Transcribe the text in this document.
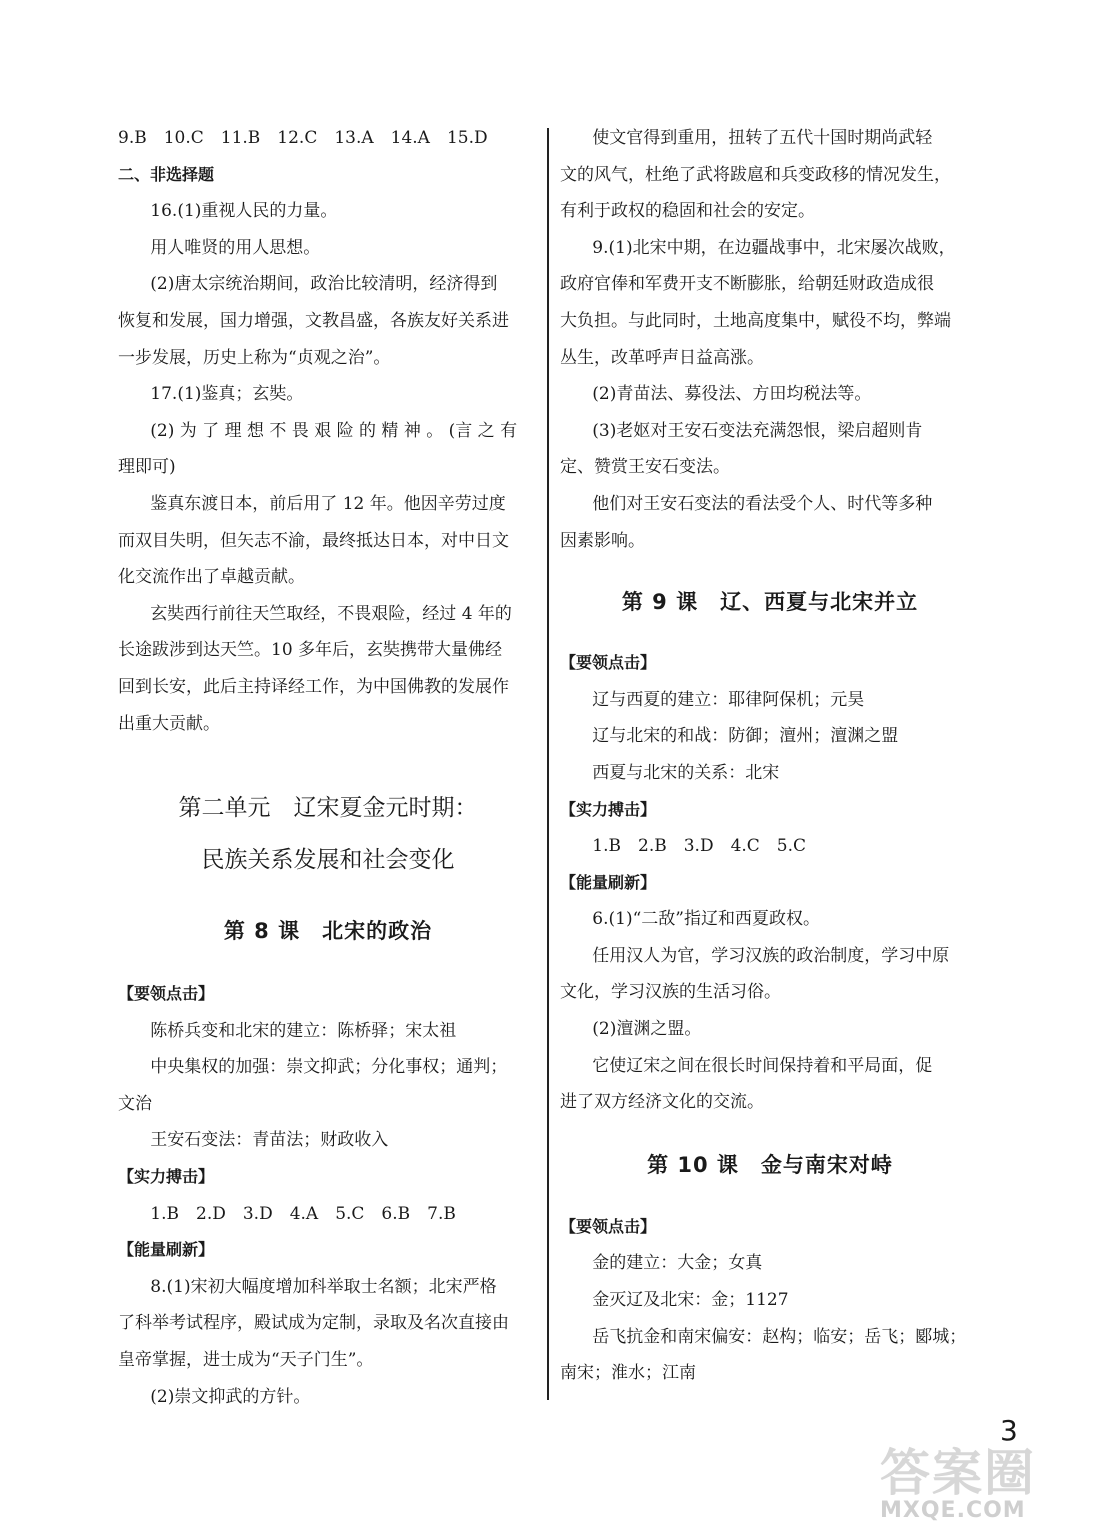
9.B　10.C　11.B　12.C　13.A　14.A　15.D
二、非选择题
16.(1)重视人民的力量。
用人唯贤的用人思想。
(2)唐太宗统治期间，政治比较清明，经济得到
恢复和发展，国力增强，文教昌盛，各族友好关系进
一步发展，历史上称为“贞观之治”。
17.(1)鉴真；玄奘。
(2) 为 了 理 想 不 畏 艰 险 的 精 神 。 (言 之 有
理即可)
鉴真东渡日本，前后用了 12 年。他因辛劳过度
而双目失明，但矢志不渝，最终抵达日本，对中日文
化交流作出了卓越贡献。
玄奘西行前往天竺取经，不畏艰险，经过 4 年的
长途跋涉到达天竺。10 多年后，玄奘携带大量佛经
回到长安，此后主持译经工作，为中国佛教的发展作
出重大贡献。
第二单元　辽宋夏金元时期：
民族关系发展和社会变化
第 8 课　北宋的政治
【要领点击】
陈桥兵变和北宋的建立：陈桥驿；宋太祖
中央集权的加强：崇文抑武；分化事权；通判；
文治
王安石变法：青苗法；财政收入
【实力搏击】
1.B　2.D　3.D　4.A　5.C　6.B　7.B
【能量刷新】
8.(1)宋初大幅度增加科举取士名额；北宋严格
了科举考试程序，殿试成为定制，录取及名次直接由
皇帝掌握，进士成为“天子门生”。
(2)崇文抑武的方针。
使文官得到重用，扭转了五代十国时期尚武轻
文的风气，杜绝了武将跋扈和兵变政移的情况发生，
有利于政权的稳固和社会的安定。
9.(1)北宋中期，在边疆战事中，北宋屡次战败，
政府官俸和军费开支不断膨胀，给朝廷财政造成很
大负担。与此同时，土地高度集中，赋役不均，弊端
丛生，改革呼声日益高涨。
(2)青苗法、募役法、方田均税法等。
(3)老妪对王安石变法充满怨恨，梁启超则肯
定、赞赏王安石变法。
他们对王安石变法的看法受个人、时代等多种
因素影响。
第 9 课　辽、西夏与北宋并立
【要领点击】
辽与西夏的建立：耶律阿保机；元昊
辽与北宋的和战：防御；澶州；澶渊之盟
西夏与北宋的关系：北宋
【实力搏击】
1.B　2.B　3.D　4.C　5.C
【能量刷新】
6.(1)“二敌”指辽和西夏政权。
任用汉人为官，学习汉族的政治制度，学习中原
文化，学习汉族的生活习俗。
(2)澶渊之盟。
它使辽宋之间在很长时间保持着和平局面，促
进了双方经济文化的交流。
第 10 课　金与南宋对峙
【要领点击】
金的建立：大金；女真
金灭辽及北宋：金；1127
岳飞抗金和南宋偏安：赵构；临安；岳飞；郾城；
南宋；淮水；江南
3
答案圈
MXQE.COM
